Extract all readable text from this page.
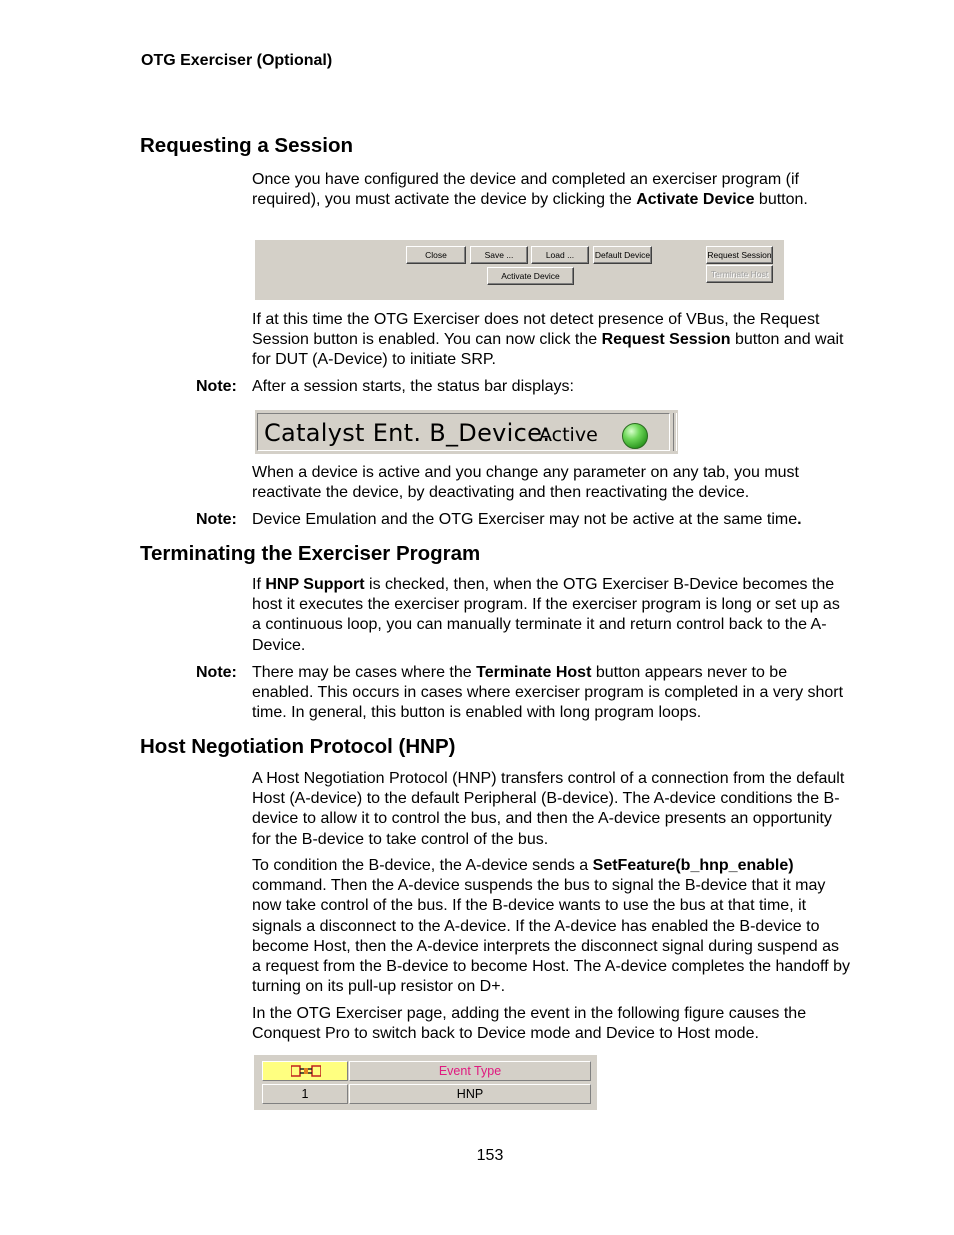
OTG Exerciser (Optional)
Requesting a Session
Once you have configured the device and completed an exerciser program (if required), you must activate the device by clicking the Activate Device button.
Close	Save ...	Load ...	Default Device	Request Session
Activate Device	Terminate Host
If at this time the OTG Exerciser does not detect presence of VBus, the Request Session button is enabled. You can now click the Request Session button and wait for DUT (A-Device) to initiate SRP.
Note: After a session starts, the status bar displays:
Catalyst Ent. B_Device:
Active
When a device is active and you change any parameter on any tab, you must reactivate the device, by deactivating and then reactivating the device.
Note: Device Emulation and the OTG Exerciser may not be active at the same time.
Terminating the Exerciser Program
If HNP Support is checked, then, when the OTG Exerciser B-Device becomes the host it executes the exerciser program. If the exerciser program is long or set up as a continuous loop, you can manually terminate it and return control back to the A-Device.
Note: There may be cases where the Terminate Host button appears never to be enabled. This occurs in cases where exerciser program is completed in a very short time. In general, this button is enabled with long program loops.
Host Negotiation Protocol (HNP)
A Host Negotiation Protocol (HNP) transfers control of a connection from the default Host (A-device) to the default Peripheral (B-device). The A-device conditions the B-device to allow it to control the bus, and then the A-device presents an opportunity for the B-device to take control of the bus.
To condition the B-device, the A-device sends a SetFeature(b_hnp_enable) command. Then the A-device suspends the bus to signal the B-device that it may now take control of the bus. If the B-device wants to use the bus at that time, it signals a disconnect to the A-device. If the A-device has enabled the B-device to become Host, then the A-device interprets the disconnect signal during suspend as a request from the B-device to become Host. The A-device completes the handoff by turning on its pull-up resistor on D+.
In the OTG Exerciser page, adding the event in the following figure causes the Conquest Pro to switch back to Device mode and Device to Host mode.
Event Type
1	HNP
153
